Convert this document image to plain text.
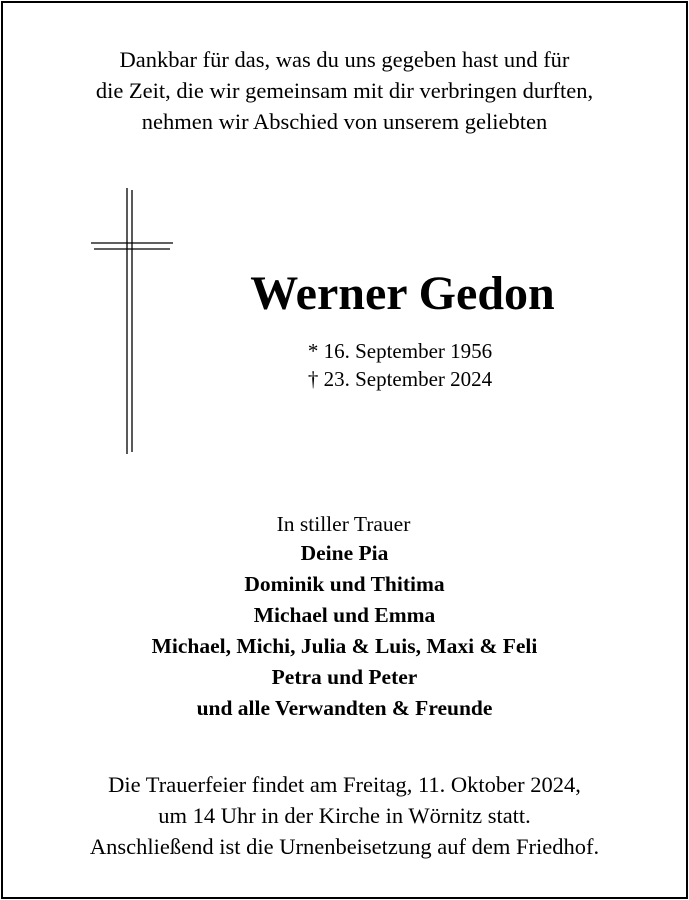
Dankbar für das, was du uns gegeben hast und für
die Zeit, die wir gemeinsam mit dir verbringen durften,
nehmen wir Abschied von unserem geliebten
Werner Gedon
* 16. September 1956
† 23. September 2024
In stiller Trauer
Deine Pia
Dominik und Thitima
Michael und Emma
Michael, Michi, Julia & Luis, Maxi & Feli
Petra und Peter
und alle Verwandten & Freunde
Die Trauerfeier findet am Freitag, 11. Oktober 2024,
um 14 Uhr in der Kirche in Wörnitz statt.
Anschließend ist die Urnenbeisetzung auf dem Friedhof.
